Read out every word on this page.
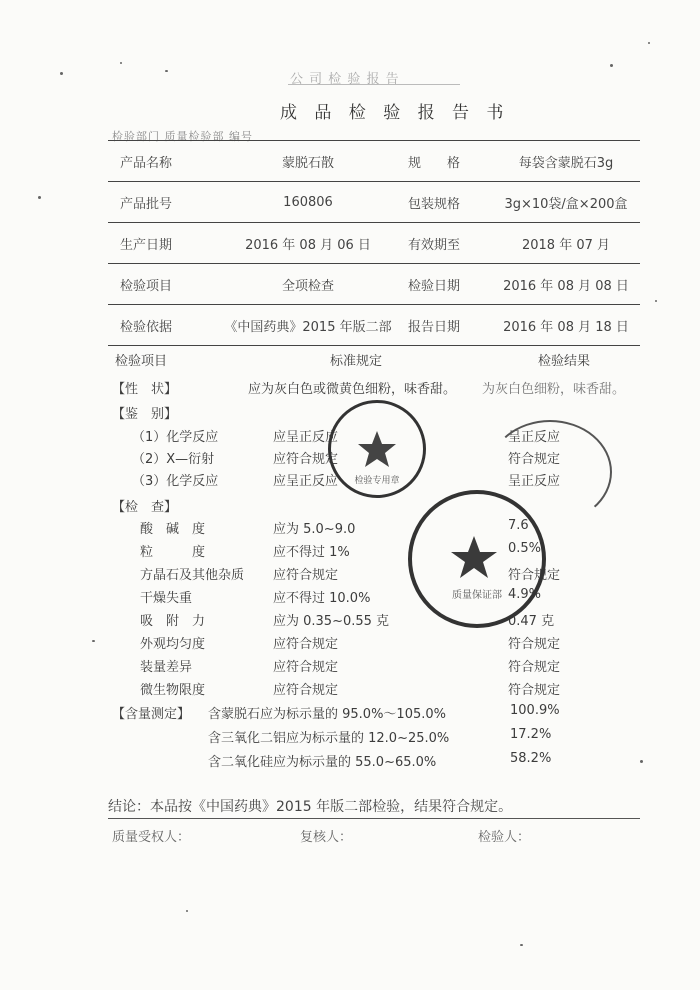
公 司 检 验 报 告
成 品 检 验 报 告 书
检验部门 质量检验部 编号
产品名称	蒙脱石散	规　　格	每袋含蒙脱石3g
产品批号	160806	包装规格	3g×10袋/盒×200盒
生产日期	2016 年 08 月 06 日	有效期至	2018 年 07 月
检验项目	全项检查	检验日期	2016 年 08 月 08 日
检验依据	《中国药典》2015 年版二部	报告日期	2016 年 08 月 18 日
检验项目	标准规定	检验结果
【性　状】	应为灰白色或微黄色细粉，味香甜。 为灰白色细粉，味香甜。
【鉴　别】
（1）化学反应	应呈正反应	呈正反应
（2）X—衍射	应符合规定	符合规定
（3）化学反应	应呈正反应	呈正反应
【检　查】
酸　碱　度	应为 5.0~9.0	7.6
粒　　　度	应不得过 1%	0.5%
方晶石及其他杂质 应符合规定	符合规定
干燥失重	应不得过 10.0%	4.9%
吸　附　力	应为 0.35~0.55 克	0.47 克
外观均匀度	应符合规定	符合规定
装量差异	应符合规定	符合规定
微生物限度	应符合规定	符合规定
【含量测定】 含蒙脱石应为标示量的 95.0%～105.0%	100.9%
含三氧化二铝应为标示量的 12.0~25.0%	17.2%
含二氧化硅应为标示量的 55.0~65.0%	58.2%
结论：本品按《中国药典》2015 年版二部检验，结果符合规定。
质量受权人：	复核人：	检验人：
检验专用章
质量保证部
